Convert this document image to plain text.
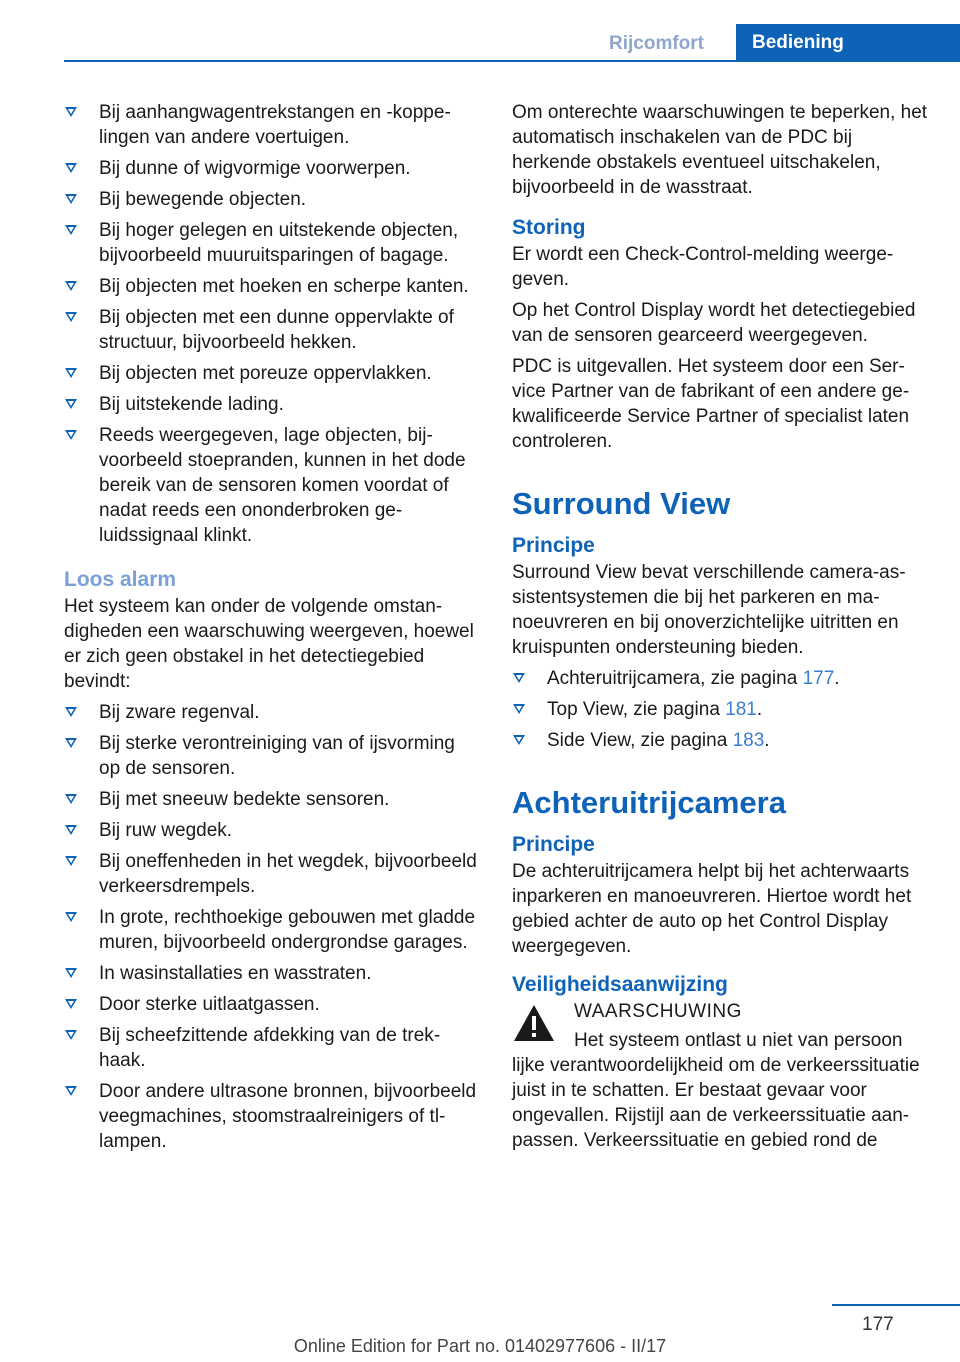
Rijcomfort	Bediening
Bij aanhangwagentrekstangen en -koppelingen van andere voertuigen.
Bij dunne of wigvormige voorwerpen.
Bij bewegende objecten.
Bij hoger gelegen en uitstekende objecten, bijvoorbeeld muuruitsparingen of bagage.
Bij objecten met hoeken en scherpe kanten.
Bij objecten met een dunne oppervlakte of structuur, bijvoorbeeld hekken.
Bij objecten met poreuze oppervlakken.
Bij uitstekende lading.
Reeds weergegeven, lage objecten, bijvoorbeeld stoepranden, kunnen in het dode bereik van de sensoren komen voordat of nadat reeds een ononderbroken geluidssignaal klinkt.
Loos alarm

Het systeem kan onder de volgende omstandigheden een waarschuwing weergeven, hoewel er zich geen obstakel in het detectiegebied bevindt:

Bij zware regenval.
Bij sterke verontreiniging van of ijsvorming op de sensoren.
Bij met sneeuw bedekte sensoren.
Bij ruw wegdek.
Bij oneffenheden in het wegdek, bijvoorbeeld verkeersdrempels.
In grote, rechthoekige gebouwen met gladde muren, bijvoorbeeld ondergrondse garages.
In wasinstallaties en wasstraten.
Door sterke uitlaatgassen.
Bij scheefzittende afdekking van de trekhaak.
Door andere ultrasone bronnen, bijvoorbeeld veegmachines, stoomstraalreinigers of tl-lampen.

Om onterechte waarschuwingen te beperken, het automatisch inschakelen van de PDC bij herkende obstakels eventueel uitschakelen, bijvoorbeeld in de wasstraat.

Storing

Er wordt een Check-Control-melding weergegeven.

Op het Control Display wordt het detectiegebied van de sensoren gearceerd weergegeven.

PDC is uitgevallen. Het systeem door een Service Partner van de fabrikant of een andere gekwalificeerde Service Partner of specialist laten controleren.

Surround View
Principe

Surround View bevat verschillende camera-assistentsystemen die bij het parkeren en manoeuvreren en bij onoverzichtelijke uitritten en kruispunten ondersteuning bieden.

Achteruitrijcamera, zie pagina 177.
Top View, zie pagina 181.
Side View, zie pagina 183.
Achteruitrijcamera
Principe

De achteruitrijcamera helpt bij het achterwaarts inparkeren en manoeuvreren. Hiertoe wordt het gebied achter de auto op het Control Display weergegeven.

Veiligheidsaanwijzing
WAARSCHUWING
Het systeem ontlast u niet van persoon
lijke verantwoordelijkheid om de verkeerssituatie juist in te schatten. Er bestaat gevaar voor ongevallen. Rijstijl aan de verkeerssituatie aanpassen. Verkeerssituatie en gebied rond de
177
Online Edition for Part no. 01402977606 - II/17
